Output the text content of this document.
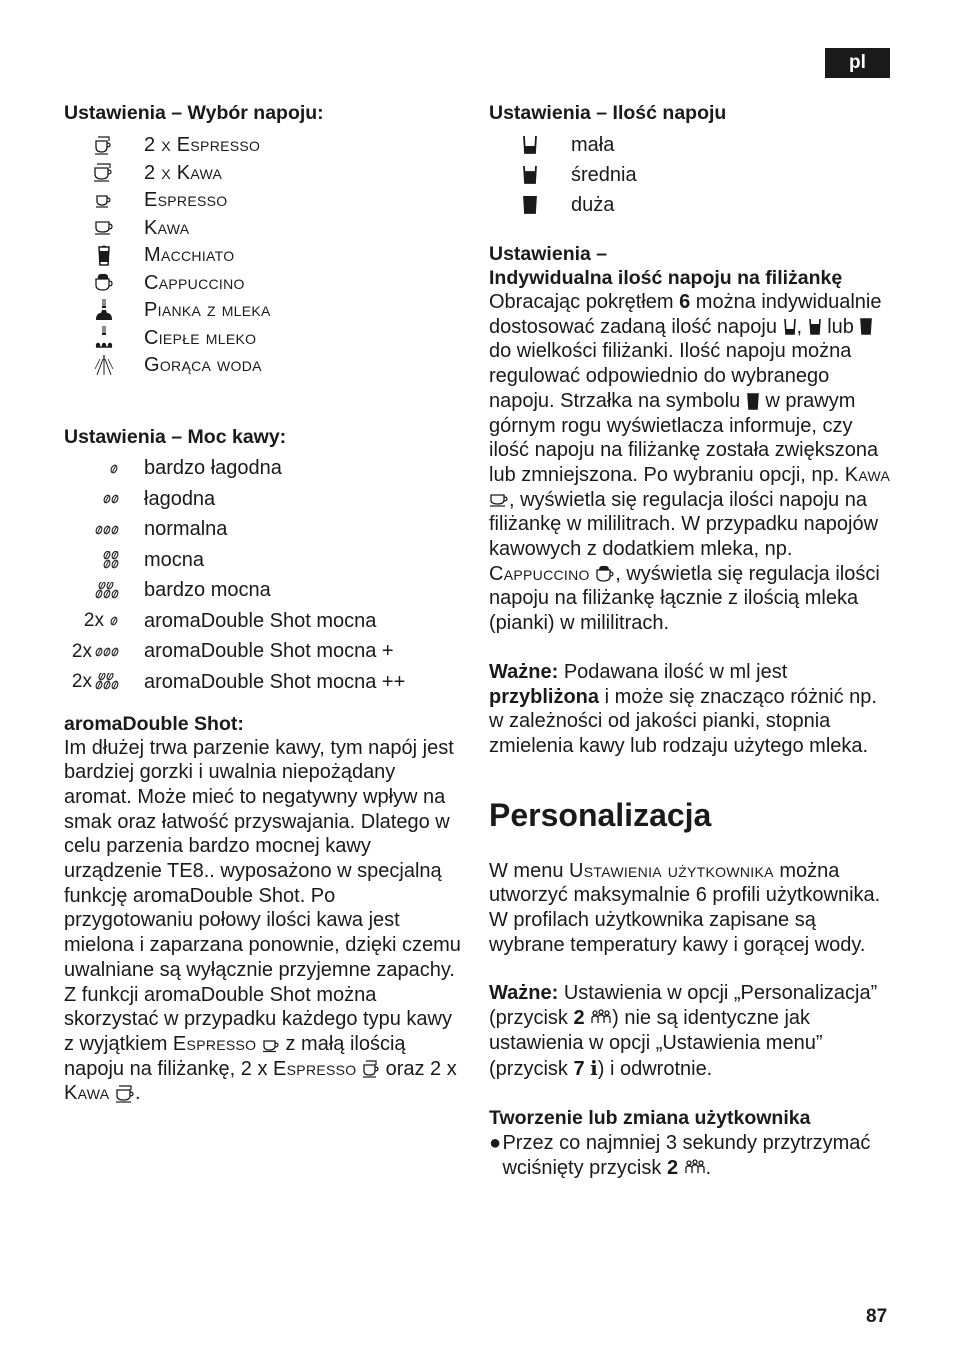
pl

Ustawienia – Wybór napoju:

2 x Espresso
2 x Kawa
Espresso
Kawa
Macchiato
Cappuccino
Pianka z mleka
Ciepłe mleko
Gorąca woda

Ustawienia – Moc kawy:

bardzo łagodna
łagodna
normalna
mocna
bardzo mocna
2x aromaDouble Shot mocna
2x	aromaDouble Shot mocna +
2x	aromaDouble Shot mocna ++

aromaDouble Shot:

Im dłużej trwa parzenie kawy, tym napój jest bardziej gorzki i uwalnia niepożądany aromat. Może mieć to negatywny wpływ na smak oraz łatwość przyswajania. Dlatego w celu parzenia bardzo mocnej kawy urządzenie TE8.. wyposażono w specjalną funkcję aromaDouble Shot. Po przygotowaniu połowy ilości kawa jest mielona i zaparzana ponownie, dzięki czemu uwalniane są wyłącznie przyjemne zapachy. Z funkcji aromaDouble Shot można skorzystać w przypadku każdego typu kawy z wyjątkiem Espresso z małą ilością napoju na filiżankę, 2 x Espresso oraz 2 x Kawa .

Ustawienia – Ilość napoju

mała
średnia
duża

Ustawienia –

Indywidualna ilość napoju na filiżankę

Obracając pokrętłem 6 można indywidualnie dostosować zadaną ilość napoju , lub  do wielkości filiżanki. Ilość napoju można regulować odpowiednio do wybranego napoju. Strzałka na symbolu w prawym górnym rogu wyświetlacza informuje, czy ilość napoju na filiżankę została zwiększona lub zmniejszona. Po wybraniu opcji, np. Kawa , wyświetla się regulacja ilości napoju na filiżankę w mililitrach. W przypadku napojów kawowych z dodatkiem mleka, np. Cappuccino , wyświetla się regulacja ilości napoju na filiżankę łącznie z ilością mleka (pianki) w mililitrach.

Ważne: Podawana ilość w ml jest przybliżona i może się znacząco różnić np. w zależności od jakości pianki, stopnia zmielenia kawy lub rodzaju użytego mleka.

Personalizacja

W menu Ustawienia użytkownika można utworzyć maksymalnie 6 profili użytkownika. W profilach użytkownika zapisane są wybrane temperatury kawy i gorącej wody.

Ważne: Ustawienia w opcji „Personalizacja” (przycisk 2 ) nie są identyczne jak ustawienia w opcji „Ustawienia menu” (przycisk 7 i) i odwrotnie.

Tworzenie lub zmiana użytkownika

● Przez co najmniej 3 sekundy przytrzymać wciśnięty przycisk 2 .
87
